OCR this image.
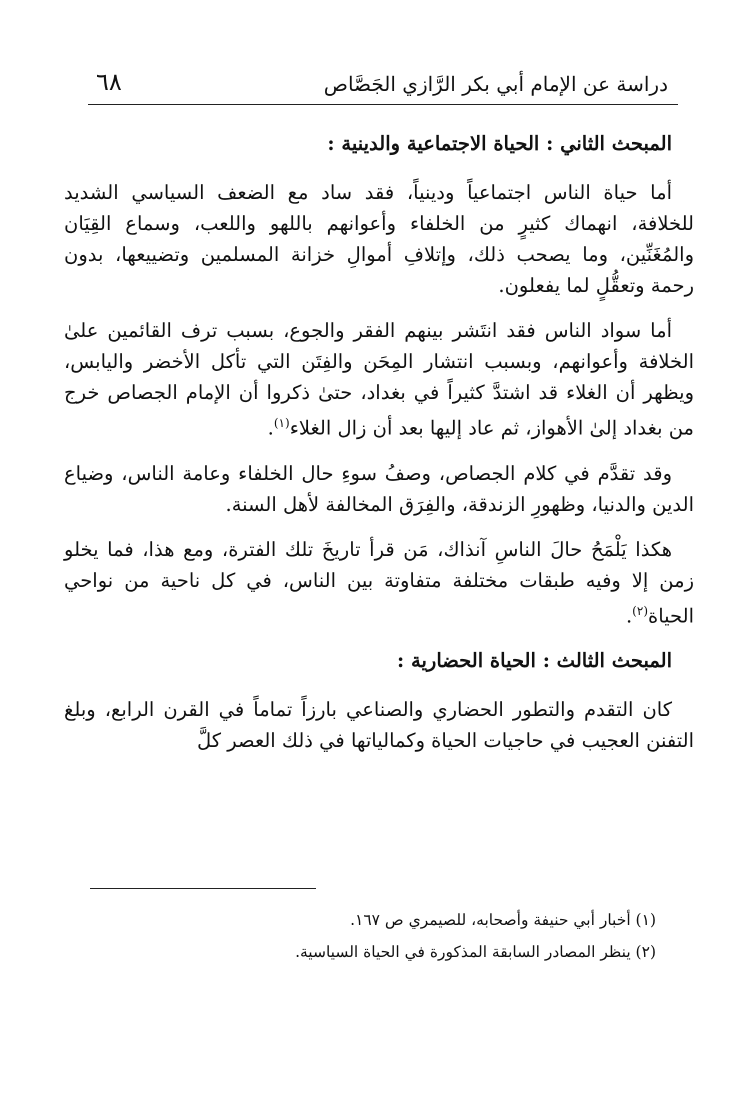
دراسة عن الإمام أبي بكر الرَّازي الجَصَّاص
٦٨

المبحث الثاني : الحياة الاجتماعية والدينية :

أما حياة الناس اجتماعياً ودينياً، فقد ساد مع الضعف السياسي الشديد للخلافة، انهماك كثيرٍ من الخلفاء وأعوانهم باللهو واللعب، وسماع القِيَان والمُغَنِّين، وما يصحب ذلك، وإتلافِ أموالِ خزانة المسلمين وتضييعها، بدون رحمة وتعقُّلٍ لما يفعلون.

أما سواد الناس فقد انتَشر بينهم الفقر والجوع، بسبب ترف القائمين علىٰ الخلافة وأعوانهم، وبسبب انتشار المِحَن والفِتَن التي تأكل الأخضر واليابس، ويظهر أن الغلاء قد اشتدَّ كثيراً في بغداد، حتىٰ ذكروا أن الإمام الجصاص خرج من بغداد إلىٰ الأهواز، ثم عاد إليها بعد أن زال الغلاء$^{(١)}$.

وقد تقدَّم في كلام الجصاص، وصفُ سوءِ حال الخلفاء وعامة الناس، وضياع الدين والدنيا، وظهورِ الزندقة، والفِرَق المخالفة لأهل السنة.

هكذا يَلْمَحُ حالَ الناسِ آنذاك، مَن قرأ تاريخَ تلك الفترة، ومع هذا، فما يخلو زمن إلا وفيه طبقات مختلفة متفاوتة بين الناس، في كل ناحية من نواحي الحياة$^{(٢)}$.

المبحث الثالث : الحياة الحضارية :

كان التقدم والتطور الحضاري والصناعي بارزاً تماماً في القرن الرابع، وبلغ التفنن العجيب في حاجيات الحياة وكمالياتها في ذلك العصر كلَّ

(١) أخبار أبي حنيفة وأصحابه، للصيمري ص ١٦٧.

(٢) ينظر المصادر السابقة المذكورة في الحياة السياسية.
